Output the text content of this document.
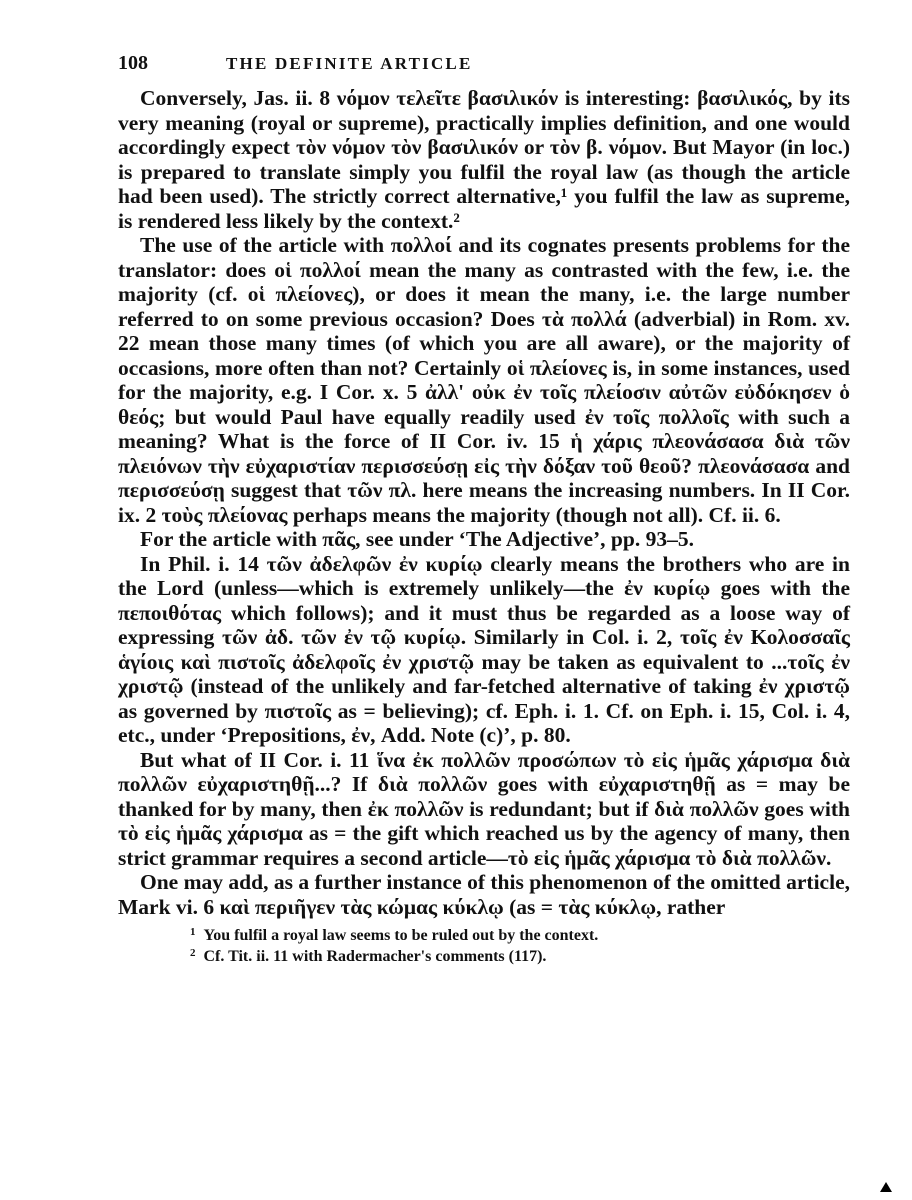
108	THE DEFINITE ARTICLE

Conversely, Jas. ii. 8 νόμον τελεῖτε βασιλικόν is interesting: βασιλικός, by its very meaning (royal or supreme), practically implies definition, and one would accordingly expect τὸν νόμον τὸν βασιλικόν or τὸν β. νόμον. But Mayor (in loc.) is prepared to translate simply you fulfil the royal law (as though the article had been used). The strictly correct alternative,¹ you fulfil the law as supreme, is rendered less likely by the context.²

The use of the article with πολλοί and its cognates presents problems for the translator: does οἱ πολλοί mean the many as contrasted with the few, i.e. the majority (cf. οἱ πλείονες), or does it mean the many, i.e. the large number referred to on some previous occasion? Does τὰ πολλά (adverbial) in Rom. xv. 22 mean those many times (of which you are all aware), or the majority of occasions, more often than not? Certainly οἱ πλείονες is, in some instances, used for the majority, e.g. I Cor. x. 5 ἀλλ' οὐκ ἐν τοῖς πλείοσιν αὐτῶν εὐδόκησεν ὁ θεός; but would Paul have equally readily used ἐν τοῖς πολλοῖς with such a meaning? What is the force of II Cor. iv. 15 ἡ χάρις πλεονάσασα διὰ τῶν πλειόνων τὴν εὐχαριστίαν περισσεύσῃ εἰς τὴν δόξαν τοῦ θεοῦ? πλεονάσασα and περισσεύσῃ suggest that τῶν πλ. here means the increasing numbers. In II Cor. ix. 2 τοὺς πλείονας perhaps means the majority (though not all). Cf. ii. 6.

For the article with πᾶς, see under ‘The Adjective’, pp. 93–5.

In Phil. i. 14 τῶν ἀδελφῶν ἐν κυρίῳ clearly means the brothers who are in the Lord (unless—which is extremely unlikely—the ἐν κυρίῳ goes with the πεποιθότας which follows); and it must thus be regarded as a loose way of expressing τῶν ἀδ. τῶν ἐν τῷ κυρίῳ. Similarly in Col. i. 2, τοῖς ἐν Κολοσσαῖς ἁγίοις καὶ πιστοῖς ἀδελφοῖς ἐν χριστῷ may be taken as equivalent to ...τοῖς ἐν χριστῷ (instead of the unlikely and far-fetched alternative of taking ἐν χριστῷ as governed by πιστοῖς as = believing); cf. Eph. i. 1. Cf. on Eph. i. 15, Col. i. 4, etc., under ‘Prepositions, ἐν, Add. Note (c)’, p. 80.

But what of II Cor. i. 11 ἵνα ἐκ πολλῶν προσώπων τὸ εἰς ἡμᾶς χάρισμα διὰ πολλῶν εὐχαριστηθῇ...? If διὰ πολλῶν goes with εὐχαριστηθῇ as = may be thanked for by many, then ἐκ πολλῶν is redundant; but if διὰ πολλῶν goes with τὸ εἰς ἡμᾶς χάρισμα as = the gift which reached us by the agency of many, then strict grammar requires a second article—τὸ εἰς ἡμᾶς χάρισμα τὸ διὰ πολλῶν.

One may add, as a further instance of this phenomenon of the omitted article, Mark vi. 6 καὶ περιῆγεν τὰς κώμας κύκλῳ (as = τὰς κύκλῳ, rather

1 You fulfil a royal law seems to be ruled out by the context.
2 Cf. Tit. ii. 11 with Radermacher's comments (117).
